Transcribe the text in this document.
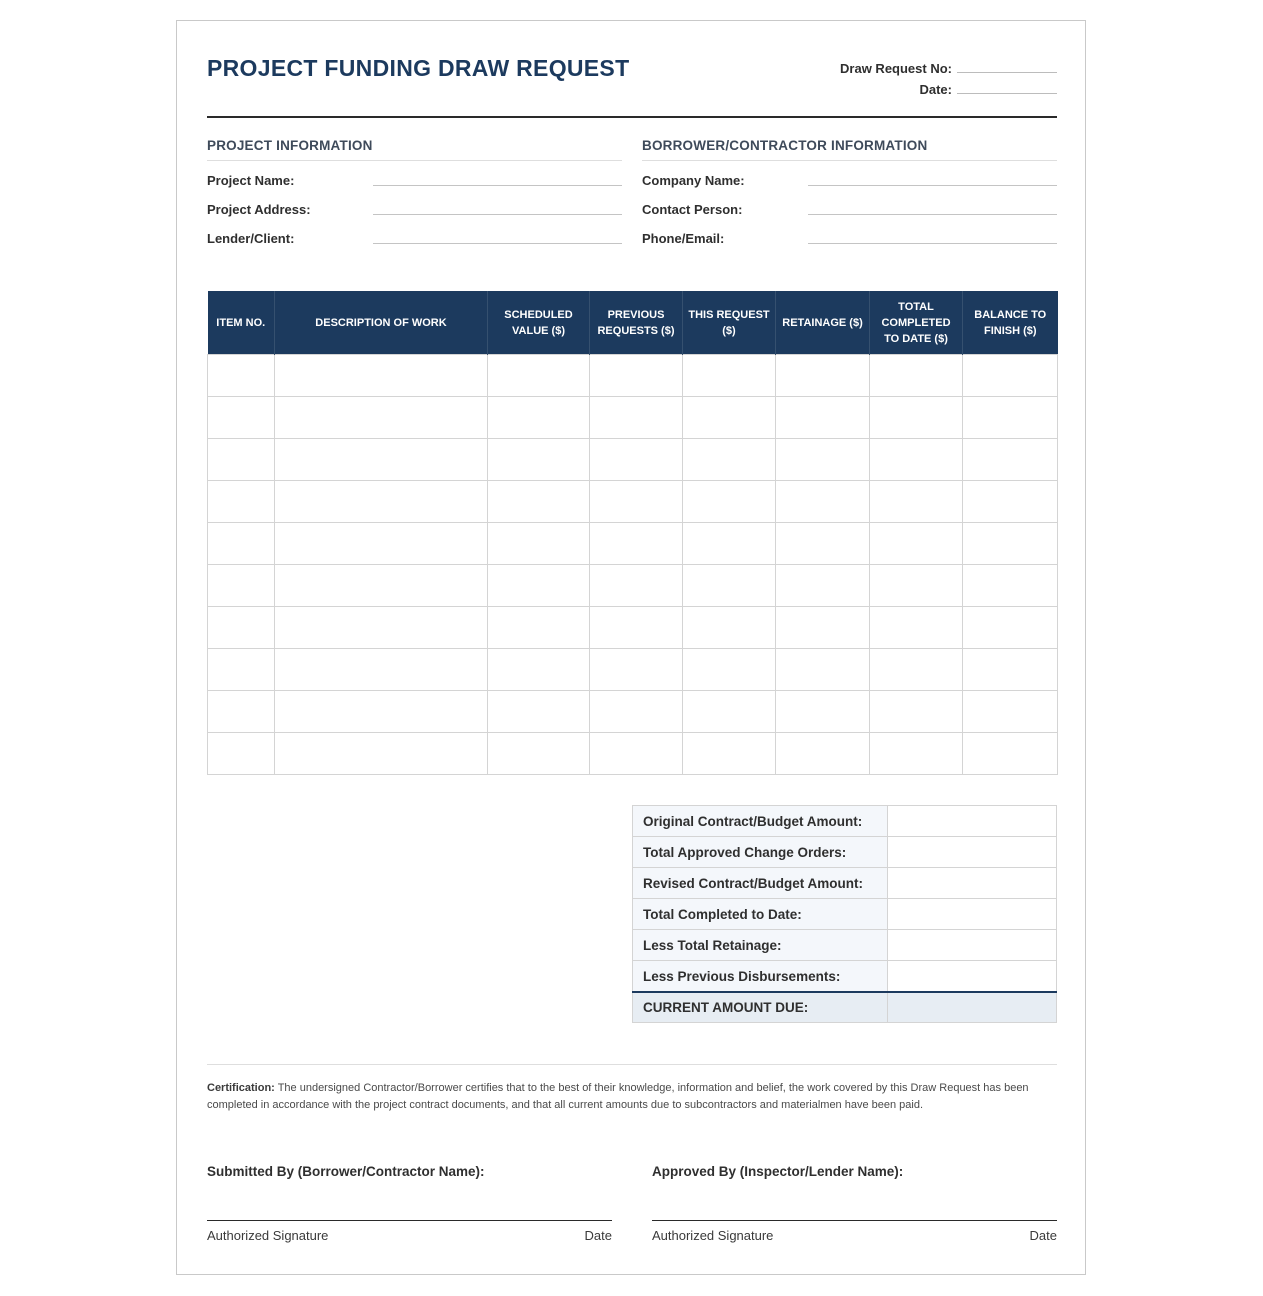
PROJECT FUNDING DRAW REQUEST	Draw Request No:
Date:
PROJECT INFORMATION
Project Name:
Project Address:
Lender/Client:
BORROWER/CONTRACTOR INFORMATION
Company Name:
Contact Person:
Phone/Email:
ITEM NO.	DESCRIPTION OF WORK	SCHEDULED VALUE ($)	PREVIOUS REQUESTS ($)	THIS REQUEST ($)	RETAINAGE ($)	TOTAL COMPLETED TO DATE ($)	BALANCE TO FINISH ($)

Original Contract/Budget Amount:	
Total Approved Change Orders:	
Revised Contract/Budget Amount:	
Total Completed to Date:	
Less Total Retainage:	
Less Previous Disbursements:	
CURRENT AMOUNT DUE:	

Certification: The undersigned Contractor/Borrower certifies that to the best of their knowledge, information and belief, the work covered by this Draw Request has been completed in accordance with the project contract documents, and that all current amounts due to subcontractors and materialmen have been paid.

Submitted By (Borrower/Contractor Name):
Authorized Signature	Date
Approved By (Inspector/Lender Name):
Authorized Signature	Date
